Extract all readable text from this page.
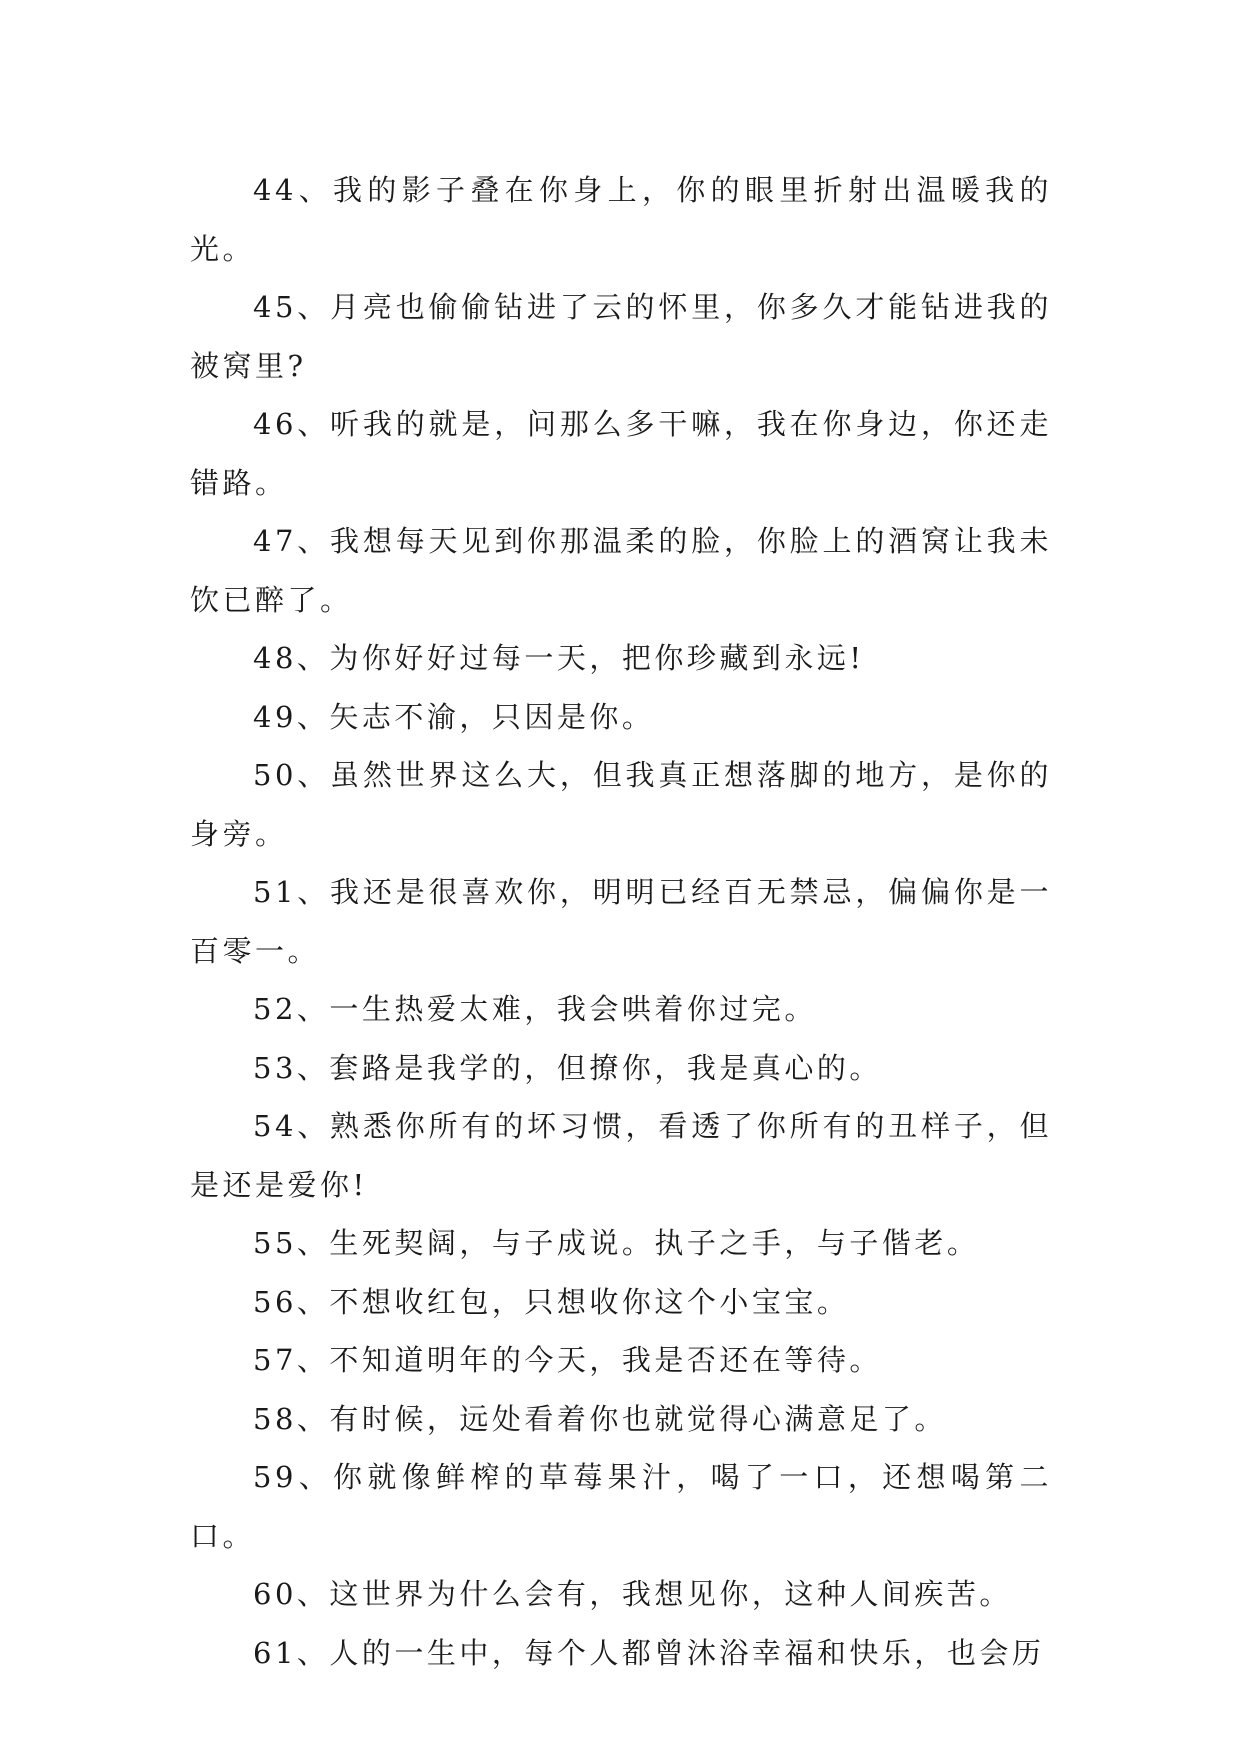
44、我的影子叠在你身上，你的眼里折射出温暖我的光。

45、月亮也偷偷钻进了云的怀里，你多久才能钻进我的被窝里?

46、听我的就是，问那么多干嘛，我在你身边，你还走错路。

47、我想每天见到你那温柔的脸，你脸上的酒窝让我未饮已醉了。

48、为你好好过每一天，把你珍藏到永远!

49、矢志不渝，只因是你。

50、虽然世界这么大，但我真正想落脚的地方，是你的身旁。

51、我还是很喜欢你，明明已经百无禁忌，偏偏你是一百零一。

52、一生热爱太难，我会哄着你过完。

53、套路是我学的，但撩你，我是真心的。

54、熟悉你所有的坏习惯，看透了你所有的丑样子，但是还是爱你!

55、生死契阔，与子成说。执子之手，与子偕老。

56、不想收红包，只想收你这个小宝宝。

57、不知道明年的今天，我是否还在等待。

58、有时候，远处看着你也就觉得心满意足了。

59、你就像鲜榨的草莓果汁，喝了一口，还想喝第二口。

60、这世界为什么会有，我想见你，这种人间疾苦。

61、人的一生中，每个人都曾沐浴幸福和快乐，也会历
